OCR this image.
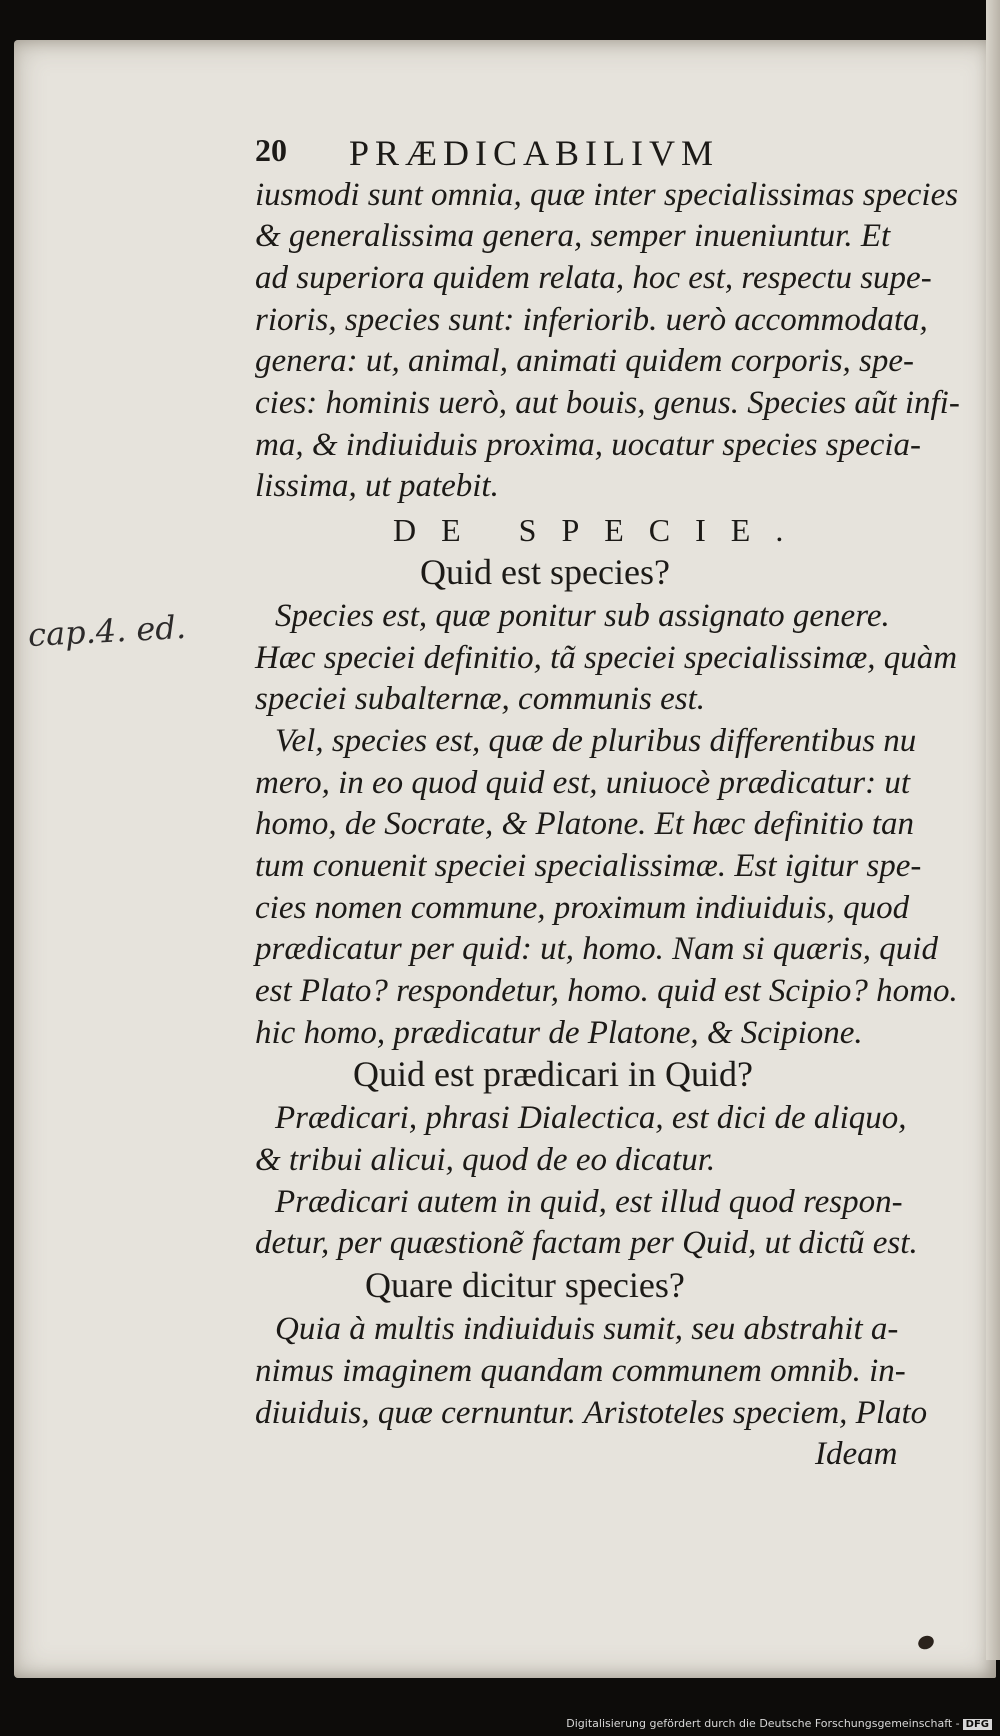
20 PRÆDICABILIVM
cap.4. ed.
iusmodi sunt omnia, quæ inter specialissimas species
& generalissima genera, semper inueniuntur. Et
ad superiora quidem relata, hoc est, respectu supe-
rioris, species sunt: inferiorib. uerò accommodata,
genera: ut, animal, animati quidem corporis, spe-
cies: hominis uerò, aut bouis, genus. Species aũt infi-
ma, & indiuiduis proxima, uocatur species specia-
lissima, ut patebit.
DE SPECIE.
Quid est species?
Species est, quæ ponitur sub assignato genere.
Hæc speciei definitio, tã speciei specialissimæ, quàm
speciei subalternæ, communis est.
Vel, species est, quæ de pluribus differentibus nu
mero, in eo quod quid est, uniuocè prædicatur: ut
homo, de Socrate, & Platone. Et hæc definitio tan
tum conuenit speciei specialissimæ. Est igitur spe-
cies nomen commune, proximum indiuiduis, quod
prædicatur per quid: ut, homo. Nam si quæris, quid
est Plato? respondetur, homo. quid est Scipio? homo.
hic homo, prædicatur de Platone, & Scipione.
Quid est prædicari in Quid?
Prædicari, phrasi Dialectica, est dici de aliquo,
& tribui alicui, quod de eo dicatur.
Prædicari autem in quid, est illud quod respon-
detur, per quæstionẽ factam per Quid, ut dictũ est.
Quare dicitur species?
Quia à multis indiuiduis sumit, seu abstrahit a-
nimus imaginem quandam communem omnib. in-
diuiduis, quæ cernuntur. Aristoteles speciem, Plato
Ideam
Digitalisierung gefördert durch die Deutsche Forschungsgemeinschaft - DFG
